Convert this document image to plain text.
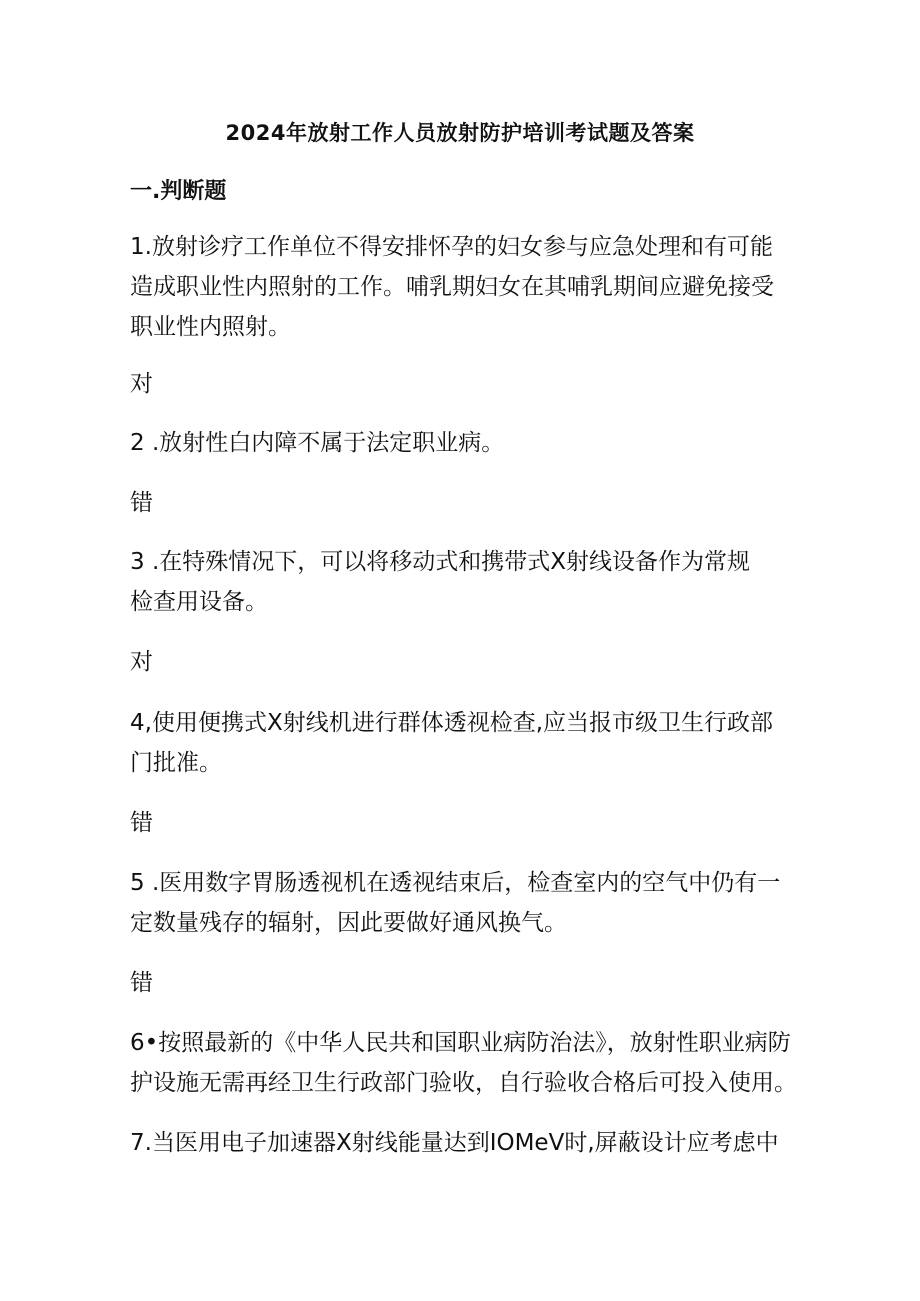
2024年放射工作人员放射防护培训考试题及答案
一.判断题
1.放射诊疗工作单位不得安排怀孕的妇女参与应急处理和有可能
造成职业性内照射的工作。哺乳期妇女在其哺乳期间应避免接受
职业性内照射。
对
2 .放射性白内障不属于法定职业病。
错
3 .在特殊情况下，可以将移动式和携带式X射线设备作为常规
检查用设备。
对
4,使用便携式X射线机进行群体透视检查,应当报市级卫生行政部
门批准。
错
5 .医用数字胃肠透视机在透视结束后，检查室内的空气中仍有一
定数量残存的辐射，因此要做好通风换气。
错
6•按照最新的《中华人民共和国职业病防治法》，放射性职业病防
护设施无需再经卫生行政部门验收，自行验收合格后可投入使用。
7.当医用电子加速器X射线能量达到IOMeV时,屏蔽设计应考虑中
